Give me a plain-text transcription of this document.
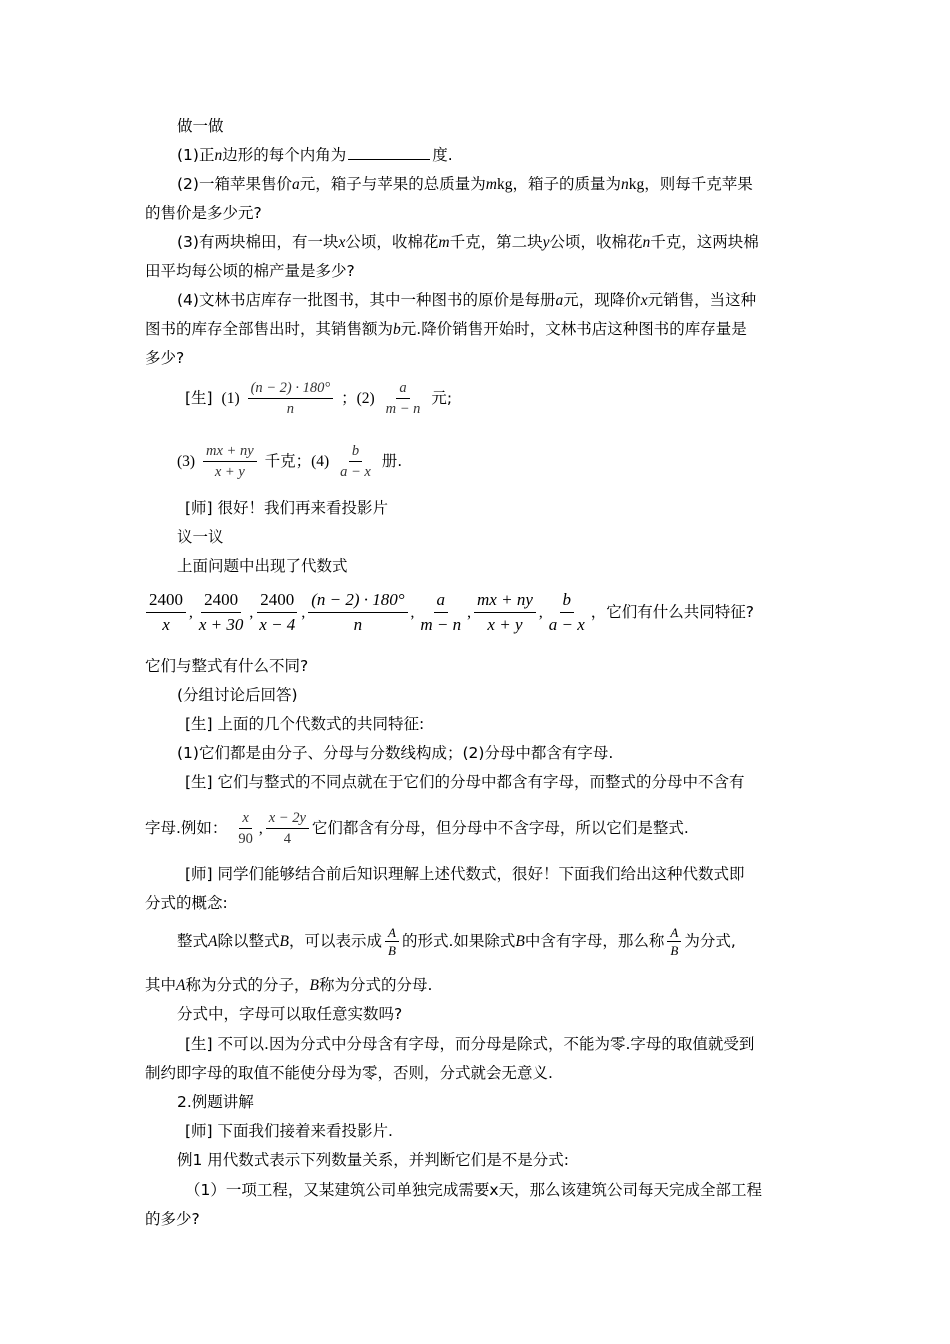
做一做
(1)正n边形的每个内角为	度.
(2)一箱苹果售价a元，箱子与苹果的总质量为mkg，箱子的质量为nkg，则每千克苹果
的售价是多少元?
(3)有两块棉田，有一块x公顷，收棉花m千克，第二块y公顷，收棉花n千克，这两块棉
田平均每公顷的棉产量是多少?
(4)文林书店库存一批图书，其中一种图书的原价是每册a元，现降价x元销售，当这种
图书的库存全部售出时，其销售额为b元.降价销售开始时，文林书店这种图书的库存量是
多少?
[生] $(1) \frac{(n - 2) \cdot 180^\circ}{n}$ ；$(2) \frac{a}{m - n}$ 元;
$(3) \frac{mx + ny}{x + y}$ 千克；$(4) \frac{b}{a - x}$ 册.
[师] 很好！我们再来看投影片
议一议
上面问题中出现了代数式
$\frac{2400}{x}$ , $\frac{2400}{x + 30}$ , $\frac{2400}{x - 4}$ , $\frac{(n - 2) \cdot 180^\circ}{n}$ , $\frac{a}{m - n}$ , $\frac{mx + ny}{x + y}$ , $\frac{b}{a - x}$ ，它们有什么共同特征?
它们与整式有什么不同?
(分组讨论后回答)
[生] 上面的几个代数式的共同特征:
(1)它们都是由分子、分母与分数线构成；(2)分母中都含有字母.
[生] 它们与整式的不同点就在于它们的分母中都含有字母，而整式的分母中不含有
字母.例如： $\frac{x}{90}$ , $\frac{x - 2y}{4}$ 它们都含有分母，但分母中不含字母，所以它们是整式.
[师] 同学们能够结合前后知识理解上述代数式，很好！下面我们给出这种代数式即
分式的概念:
整式A除以整式B，可以表示成 $\frac{A}{B}$ 的形式.如果除式B中含有字母，那么称 $\frac{A}{B}$ 为分式,
其中A称为分式的分子，B称为分式的分母.
分式中，字母可以取任意实数吗?
[生] 不可以.因为分式中分母含有字母，而分母是除式，不能为零.字母的取值就受到
制约即字母的取值不能使分母为零，否则，分式就会无意义.
2.例题讲解
[师] 下面我们接着来看投影片.
例1 用代数式表示下列数量关系，并判断它们是不是分式:
（1）一项工程，又某建筑公司单独完成需要x天，那么该建筑公司每天完成全部工程
的多少?
